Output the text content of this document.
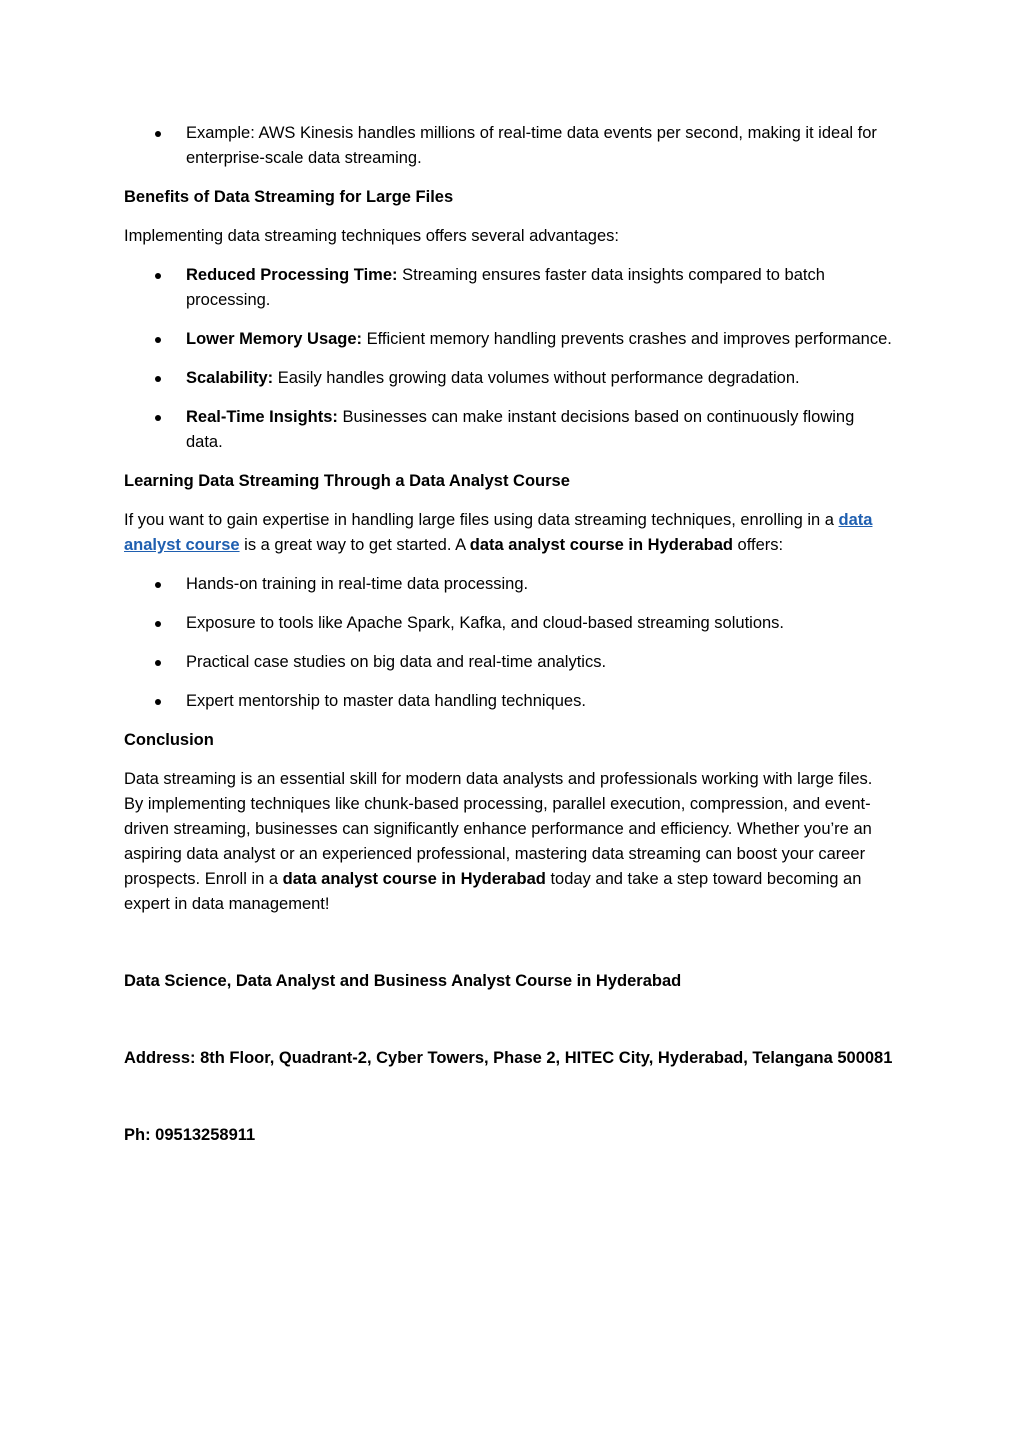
Example: AWS Kinesis handles millions of real-time data events per second, making it ideal for enterprise-scale data streaming.

Benefits of Data Streaming for Large Files

Implementing data streaming techniques offers several advantages:

Reduced Processing Time: Streaming ensures faster data insights compared to batch processing.
Lower Memory Usage: Efficient memory handling prevents crashes and improves performance.
Scalability: Easily handles growing data volumes without performance degradation.
Real-Time Insights: Businesses can make instant decisions based on continuously flowing data.

Learning Data Streaming Through a Data Analyst Course

If you want to gain expertise in handling large files using data streaming techniques, enrolling in a data analyst course is a great way to get started. A data analyst course in Hyderabad offers:

Hands-on training in real-time data processing.
Exposure to tools like Apache Spark, Kafka, and cloud-based streaming solutions.
Practical case studies on big data and real-time analytics.
Expert mentorship to master data handling techniques.

Conclusion

Data streaming is an essential skill for modern data analysts and professionals working with large files. By implementing techniques like chunk-based processing, parallel execution, compression, and event-driven streaming, businesses can significantly enhance performance and efficiency. Whether you’re an aspiring data analyst or an experienced professional, mastering data streaming can boost your career prospects. Enroll in a data analyst course in Hyderabad today and take a step toward becoming an expert in data management!

Data Science, Data Analyst and Business Analyst Course in Hyderabad

Address: 8th Floor, Quadrant-2, Cyber Towers, Phase 2, HITEC City, Hyderabad, Telangana 500081

Ph: 09513258911
